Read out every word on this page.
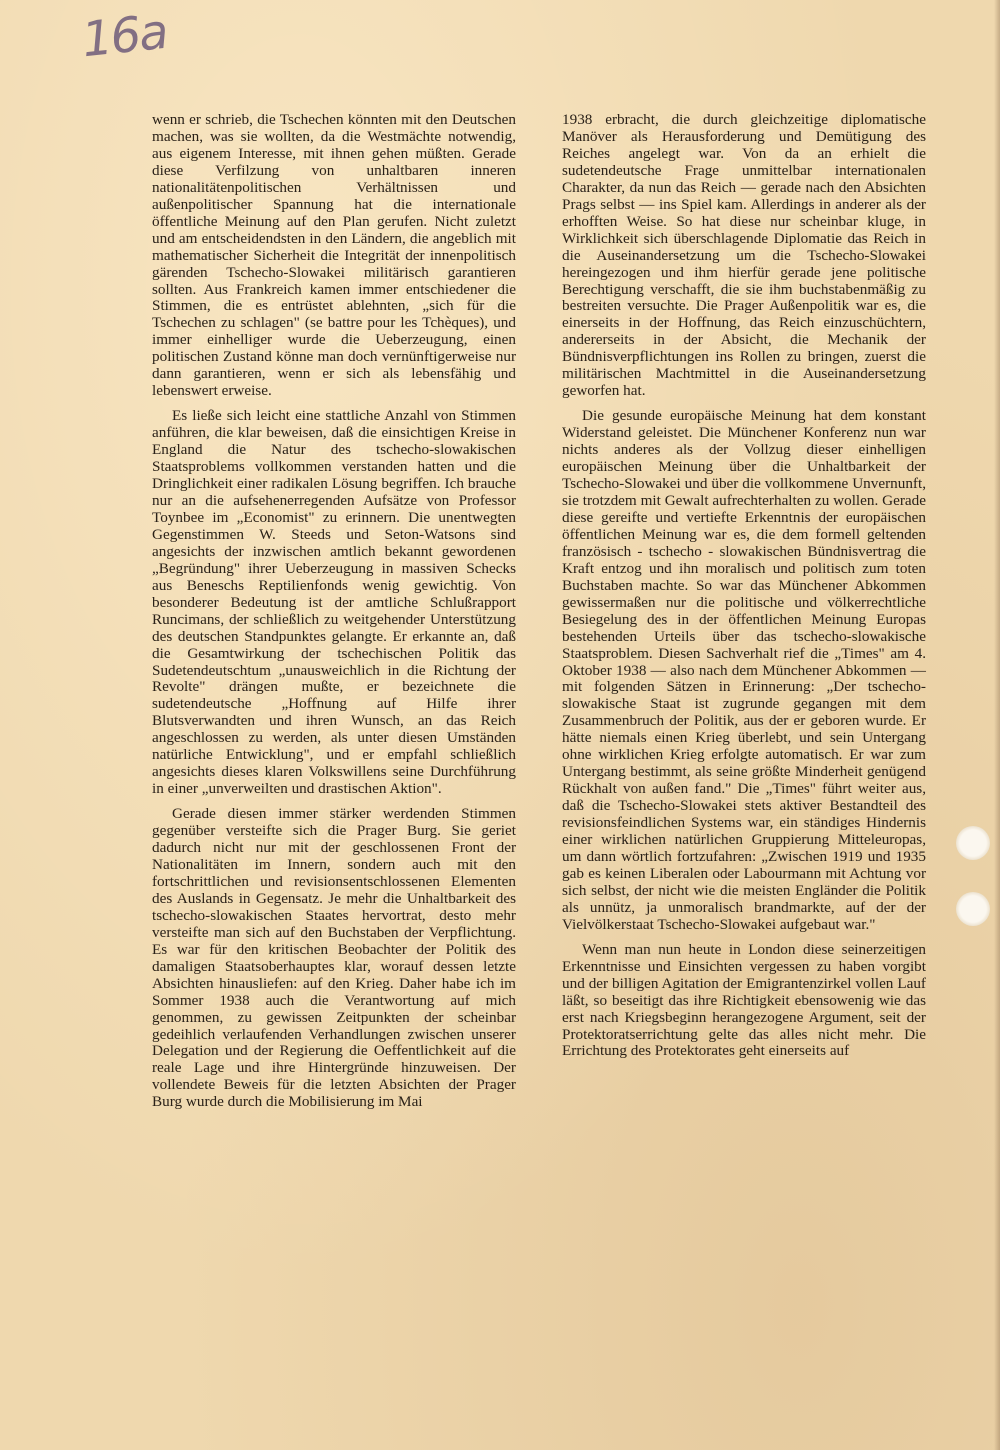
16a

wenn er schrieb, die Tschechen könnten mit den Deutschen machen, was sie wollten, da die Westmächte notwendig, aus eigenem Interesse, mit ihnen gehen müßten. Gerade diese Verfilzung von unhaltbaren inneren nationalitätenpolitischen Verhältnissen und außenpolitischer Spannung hat die internationale öffentliche Meinung auf den Plan gerufen. Nicht zuletzt und am entscheidendsten in den Ländern, die angeblich mit mathematischer Sicherheit die Integrität der innenpolitisch gärenden Tschecho-Slowakei militärisch garantieren sollten. Aus Frankreich kamen immer entschiedener die Stimmen, die es entrüstet ablehnten, „sich für die Tschechen zu schlagen" (se battre pour les Tchèques), und immer einhelliger wurde die Ueberzeugung, einen politischen Zustand könne man doch vernünftigerweise nur dann garantieren, wenn er sich als lebensfähig und lebenswert erweise.

Es ließe sich leicht eine stattliche Anzahl von Stimmen anführen, die klar beweisen, daß die einsichtigen Kreise in England die Natur des tschecho-slowakischen Staatsproblems vollkommen verstanden hatten und die Dringlichkeit einer radikalen Lösung begriffen. Ich brauche nur an die aufsehenerregenden Aufsätze von Professor Toynbee im „Economist" zu erinnern. Die unentwegten Gegenstimmen W. Steeds und Seton-Watsons sind angesichts der inzwischen amtlich bekannt gewordenen „Begründung" ihrer Ueberzeugung in massiven Schecks aus Beneschs Reptilienfonds wenig gewichtig. Von besonderer Bedeutung ist der amtliche Schlußrapport Runcimans, der schließlich zu weitgehender Unterstützung des deutschen Standpunktes gelangte. Er erkannte an, daß die Gesamtwirkung der tschechischen Politik das Sudetendeutschtum „unausweichlich in die Richtung der Revolte" drängen mußte, er bezeichnete die sudetendeutsche „Hoffnung auf Hilfe ihrer Blutsverwandten und ihren Wunsch, an das Reich angeschlossen zu werden, als unter diesen Umständen natürliche Entwicklung", und er empfahl schließlich angesichts dieses klaren Volkswillens seine Durchführung in einer „unverweilten und drastischen Aktion".

Gerade diesen immer stärker werdenden Stimmen gegenüber versteifte sich die Prager Burg. Sie geriet dadurch nicht nur mit der geschlossenen Front der Nationalitäten im Innern, sondern auch mit den fortschrittlichen und revisionsentschlossenen Elementen des Auslands in Gegensatz. Je mehr die Unhaltbarkeit des tschecho-slowakischen Staates hervortrat, desto mehr versteifte man sich auf den Buchstaben der Verpflichtung. Es war für den kritischen Beobachter der Politik des damaligen Staatsoberhauptes klar, worauf dessen letzte Absichten hinausliefen: auf den Krieg. Daher habe ich im Sommer 1938 auch die Verantwortung auf mich genommen, zu gewissen Zeitpunkten der scheinbar gedeihlich verlaufenden Verhandlungen zwischen unserer Delegation und der Regierung die Oeffentlichkeit auf die reale Lage und ihre Hintergründe hinzuweisen. Der vollendete Beweis für die letzten Absichten der Prager Burg wurde durch die Mobilisierung im Mai

1938 erbracht, die durch gleichzeitige diplomatische Manöver als Herausforderung und Demütigung des Reiches angelegt war. Von da an erhielt die sudetendeutsche Frage unmittelbar internationalen Charakter, da nun das Reich — gerade nach den Absichten Prags selbst — ins Spiel kam. Allerdings in anderer als der erhofften Weise. So hat diese nur scheinbar kluge, in Wirklichkeit sich überschlagende Diplomatie das Reich in die Auseinandersetzung um die Tschecho-Slowakei hereingezogen und ihm hierfür gerade jene politische Berechtigung verschafft, die sie ihm buchstabenmäßig zu bestreiten versuchte. Die Prager Außenpolitik war es, die einerseits in der Hoffnung, das Reich einzuschüchtern, andererseits in der Absicht, die Mechanik der Bündnisverpflichtungen ins Rollen zu bringen, zuerst die militärischen Machtmittel in die Auseinandersetzung geworfen hat.

Die gesunde europäische Meinung hat dem konstant Widerstand geleistet. Die Münchener Konferenz nun war nichts anderes als der Vollzug dieser einhelligen europäischen Meinung über die Unhaltbarkeit der Tschecho-Slowakei und über die vollkommene Unvernunft, sie trotzdem mit Gewalt aufrechterhalten zu wollen. Gerade diese gereifte und vertiefte Erkenntnis der europäischen öffentlichen Meinung war es, die dem formell geltenden französisch - tschecho - slowakischen Bündnisvertrag die Kraft entzog und ihn moralisch und politisch zum toten Buchstaben machte. So war das Münchener Abkommen gewissermaßen nur die politische und völkerrechtliche Besiegelung des in der öffentlichen Meinung Europas bestehenden Urteils über das tschecho-slowakische Staatsproblem. Diesen Sachverhalt rief die „Times" am 4. Oktober 1938 — also nach dem Münchener Abkommen — mit folgenden Sätzen in Erinnerung: „Der tschecho-slowakische Staat ist zugrunde gegangen mit dem Zusammenbruch der Politik, aus der er geboren wurde. Er hätte niemals einen Krieg überlebt, und sein Untergang ohne wirklichen Krieg erfolgte automatisch. Er war zum Untergang bestimmt, als seine größte Minderheit genügend Rückhalt von außen fand." Die „Times" führt weiter aus, daß die Tschecho-Slowakei stets aktiver Bestandteil des revisionsfeindlichen Systems war, ein ständiges Hindernis einer wirklichen natürlichen Gruppierung Mitteleuropas, um dann wörtlich fortzufahren: „Zwischen 1919 und 1935 gab es keinen Liberalen oder Labourmann mit Achtung vor sich selbst, der nicht wie die meisten Engländer die Politik als unnütz, ja unmoralisch brandmarkte, auf der der Vielvölkerstaat Tschecho-Slowakei aufgebaut war."

Wenn man nun heute in London diese seinerzeitigen Erkenntnisse und Einsichten vergessen zu haben vorgibt und der billigen Agitation der Emigrantenzirkel vollen Lauf läßt, so beseitigt das ihre Richtigkeit ebensowenig wie das erst nach Kriegsbeginn herangezogene Argument, seit der Protektoratserrichtung gelte das alles nicht mehr. Die Errichtung des Protektorates geht einerseits auf
